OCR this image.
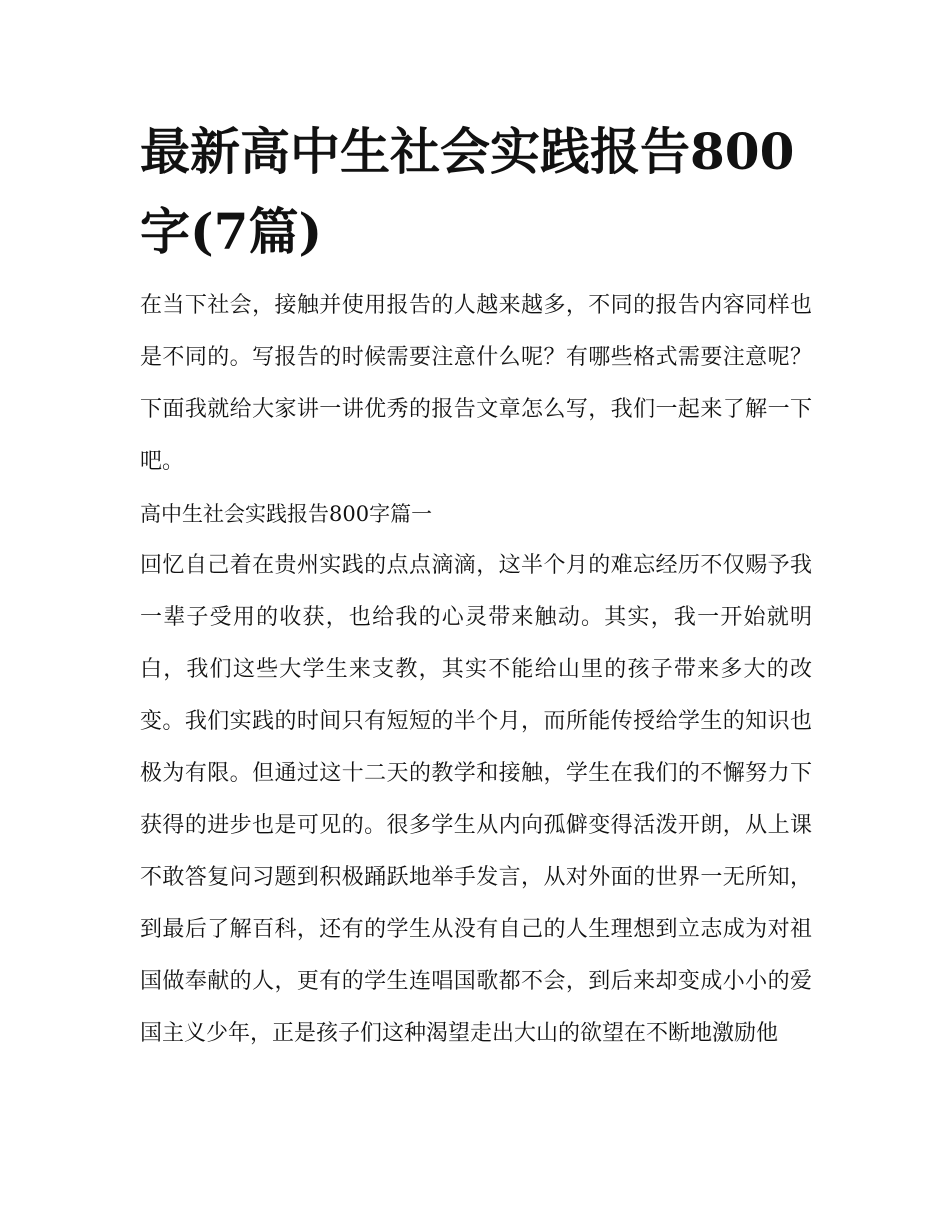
最新高中生社会实践报告800字(7篇)

在当下社会，接触并使用报告的人越来越多，不同的报告内容同样也是不同的。写报告的时候需要注意什么呢？有哪些格式需要注意呢？下面我就给大家讲一讲优秀的报告文章怎么写，我们一起来了解一下吧。

高中生社会实践报告800字篇一

回忆自己着在贵州实践的点点滴滴，这半个月的难忘经历不仅赐予我一辈子受用的收获，也给我的心灵带来触动。其实，我一开始就明白，我们这些大学生来支教，其实不能给山里的孩子带来多大的改变。我们实践的时间只有短短的半个月，而所能传授给学生的知识也极为有限。但通过这十二天的教学和接触，学生在我们的不懈努力下获得的进步也是可见的。很多学生从内向孤僻变得活泼开朗，从上课不敢答复问习题到积极踊跃地举手发言，从对外面的世界一无所知，到最后了解百科，还有的学生从没有自己的人生理想到立志成为对祖国做奉献的人，更有的学生连唱国歌都不会，到后来却变成小小的爱国主义少年，正是孩子们这种渴望走出大山的欲望在不断地激励他
